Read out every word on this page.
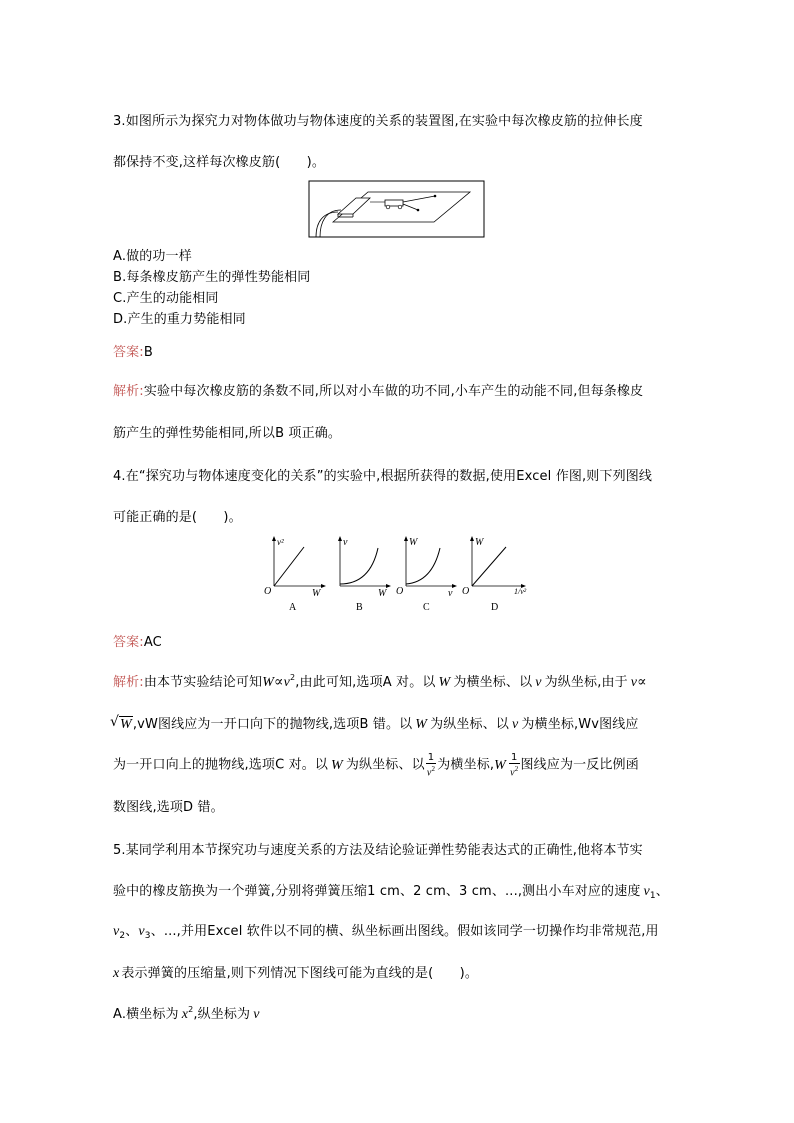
3.如图所示为探究力对物体做功与物体速度的关系的装置图,在实验中每次橡皮筋的拉伸长度
都保持不变,这样每次橡皮筋(　　)。
A.做的功一样
B.每条橡皮筋产生的弹性势能相同
C.产生的动能相同
D.产生的重力势能相同
答案:B
解析:实验中每次橡皮筋的条数不同,所以对小车做的功不同,小车产生的动能不同,但每条橡皮
筋产生的弹性势能相同,所以B 项正确。
4.在“探究功与物体速度变化的关系”的实验中,根据所获得的数据,使用Excel 作图,则下列图线
可能正确的是(　　)。
v²
O	W
A
v
W
B
W
O	v
C
W
O	1/v²
D
答案:AC
解析:由本节实验结论可知$W\propto v^2$,由此可知,选项A 对。以 W 为横坐标、以 v 为纵坐标,由于 v∝
√ W,vW图线应为一开口向下的抛物线,选项B 错。以 W 为纵坐标、以 v 为横坐标,Wv图线应
为一开口向上的抛物线,选项C 对。以 W 为纵坐标、以 $\frac{1}{v^2}$ 为横坐标$,W \frac{1}{v^2}$ 图线应为一反比例函
数图线,选项D 错。
5.某同学利用本节探究功与速度关系的方法及结论验证弹性势能表达式的正确性,他将本节实
验中的橡皮筋换为一个弹簧,分别将弹簧压缩1 cm、2 cm、3 cm、...,测出小车对应的速度 $v_1$、
$v_2$、$v_3$、...,并用Excel 软件以不同的横、纵坐标画出图线。假如该同学一切操作均非常规范,用
x 表示弹簧的压缩量,则下列情况下图线可能为直线的是(　　)。
A.横坐标为 $x^2$,纵坐标为 v
